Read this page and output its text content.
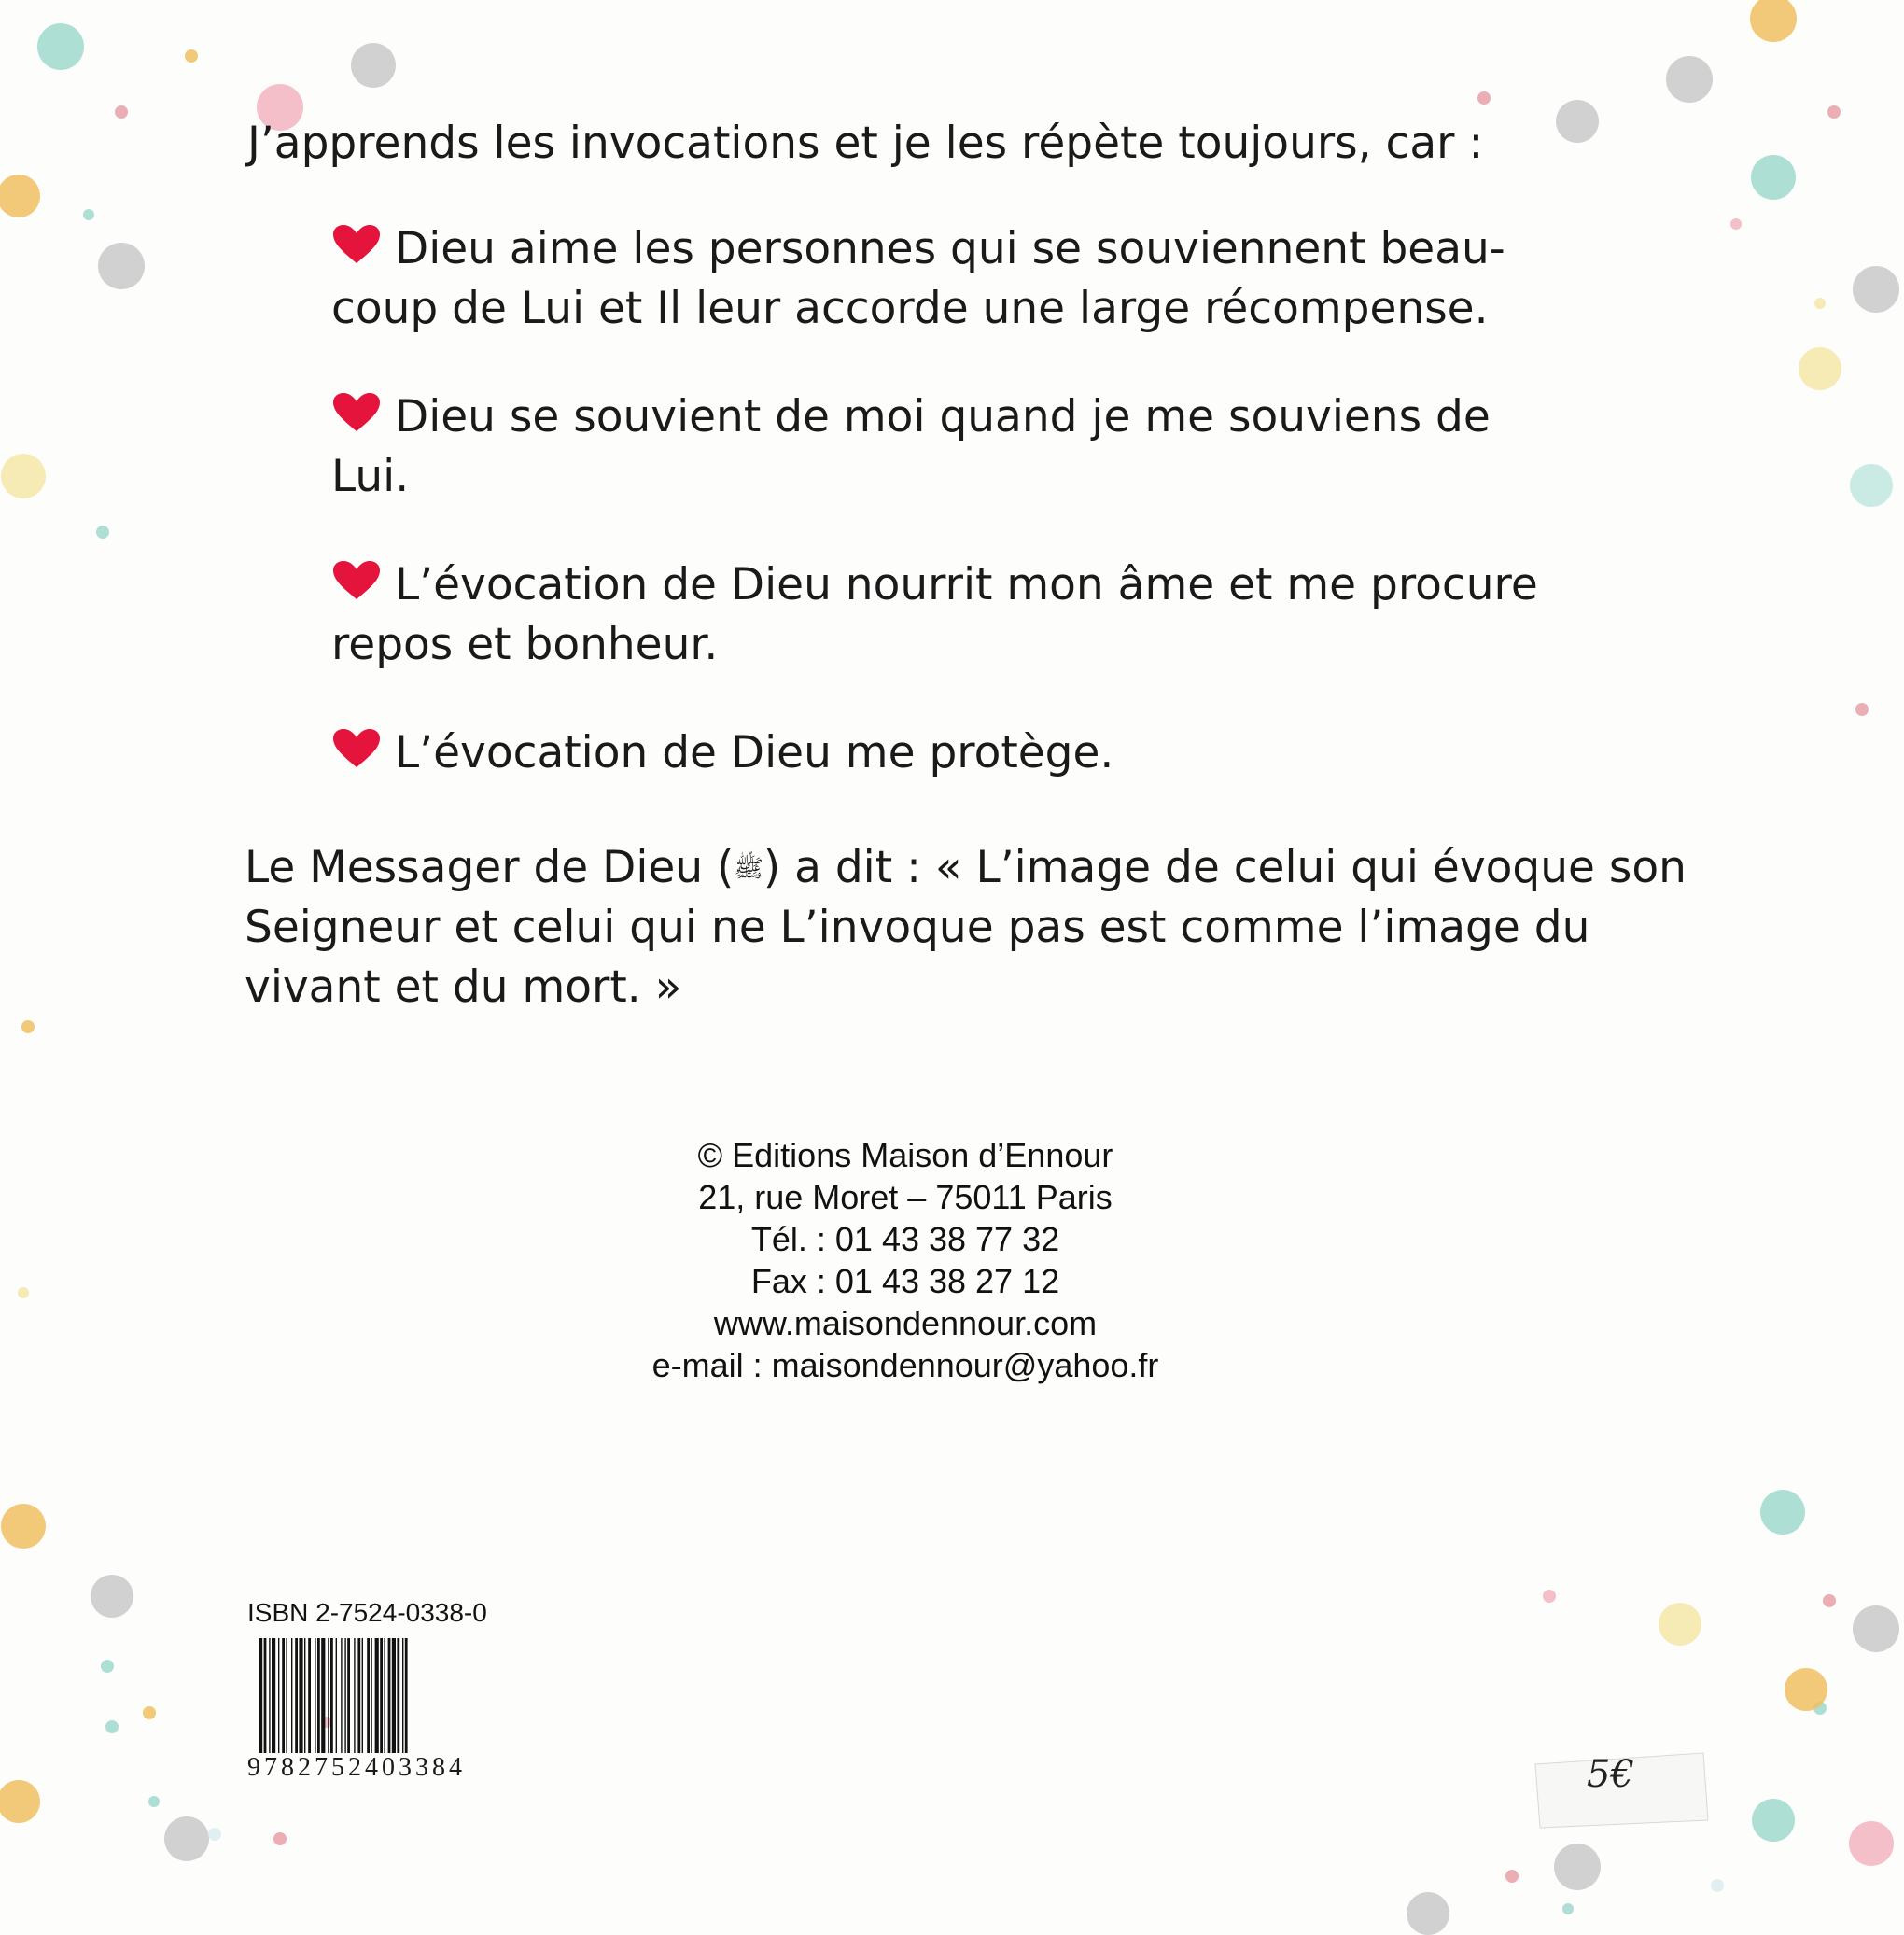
J’apprends les invocations et je les répète toujours, car :
Dieu aime les personnes qui se souviennent beau-coup de Lui et Il leur accorde une large récompense.
Dieu se souvient de moi quand je me souviens de Lui.
L’évocation de Dieu nourrit mon âme et me procure repos et bonheur.
L’évocation de Dieu me protège.
Le Messager de Dieu (ﷺ) a dit : « L’image de celui qui évoque son Seigneur et celui qui ne L’invoque pas est comme l’image du vivant et du mort. »
© Editions Maison d’Ennour
21, rue Moret – 75011 Paris
Tél. : 01 43 38 77 32
Fax : 01 43 38 27 12
www.maisondennour.com
e-mail : maisondennour@yahoo.fr
ISBN 2-7524-0338-0
9782752403384	5€
